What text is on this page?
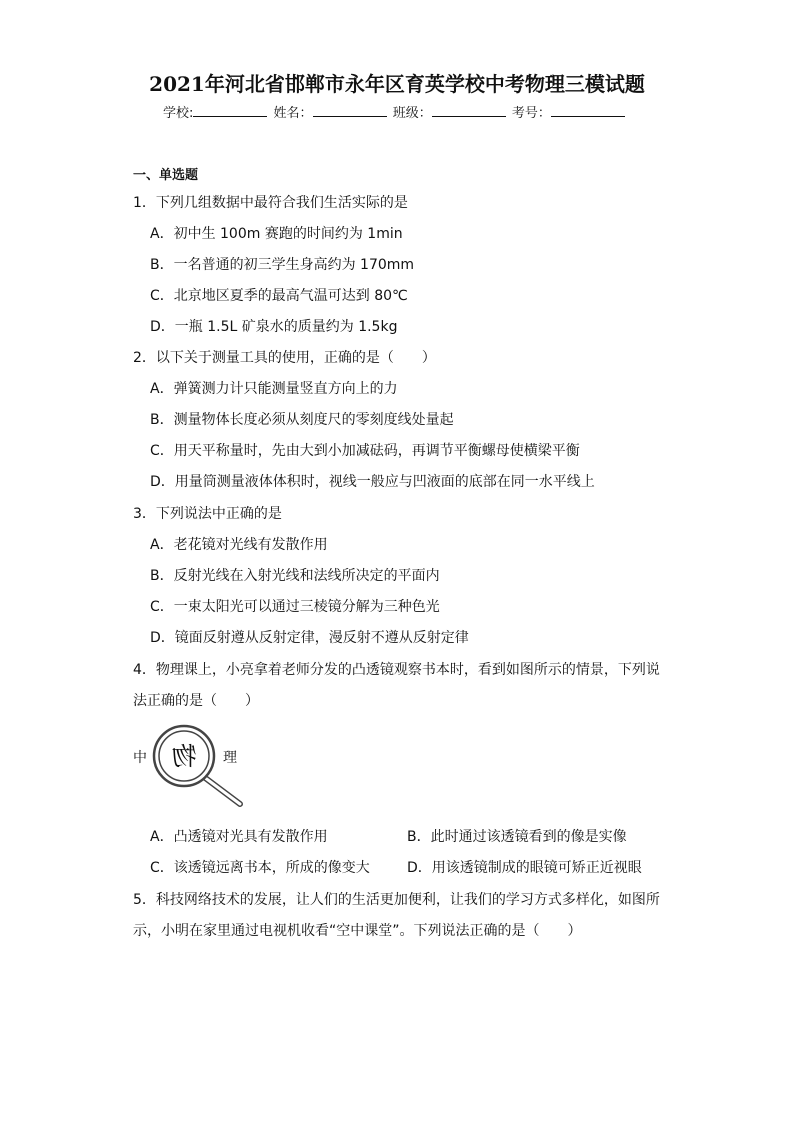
2021年河北省邯郸市永年区育英学校中考物理三模试题
学校:	姓名：	班级：	考号：
一、单选题
1．下列几组数据中最符合我们生活实际的是
A．初中生 100m 赛跑的时间约为 1min
B．一名普通的初三学生身高约为 170mm
C．北京地区夏季的最高气温可达到 80℃
D．一瓶 1.5L 矿泉水的质量约为 1.5kg
2．以下关于测量工具的使用，正确的是（　　）
A．弹簧测力计只能测量竖直方向上的力
B．测量物体长度必须从刻度尺的零刻度线处量起
C．用天平称量时，先由大到小加减砝码，再调节平衡螺母使横梁平衡
D．用量筒测量液体体积时，视线一般应与凹液面的底部在同一水平线上
3．下列说法中正确的是
A．老花镜对光线有发散作用
B．反射光线在入射光线和法线所决定的平面内
C．一束太阳光可以通过三棱镜分解为三种色光
D．镜面反射遵从反射定律，漫反射不遵从反射定律
4．物理课上，小亮拿着老师分发的凸透镜观察书本时，看到如图所示的情景，下列说
法正确的是（　　）
中	理
物
A．凸透镜对光具有发散作用	B．此时通过该透镜看到的像是实像
C．该透镜远离书本，所成的像变大	D．用该透镜制成的眼镜可矫正近视眼
5．科技网络技术的发展，让人们的生活更加便利，让我们的学习方式多样化，如图所
示，小明在家里通过电视机收看“空中课堂”。下列说法正确的是（　　）
